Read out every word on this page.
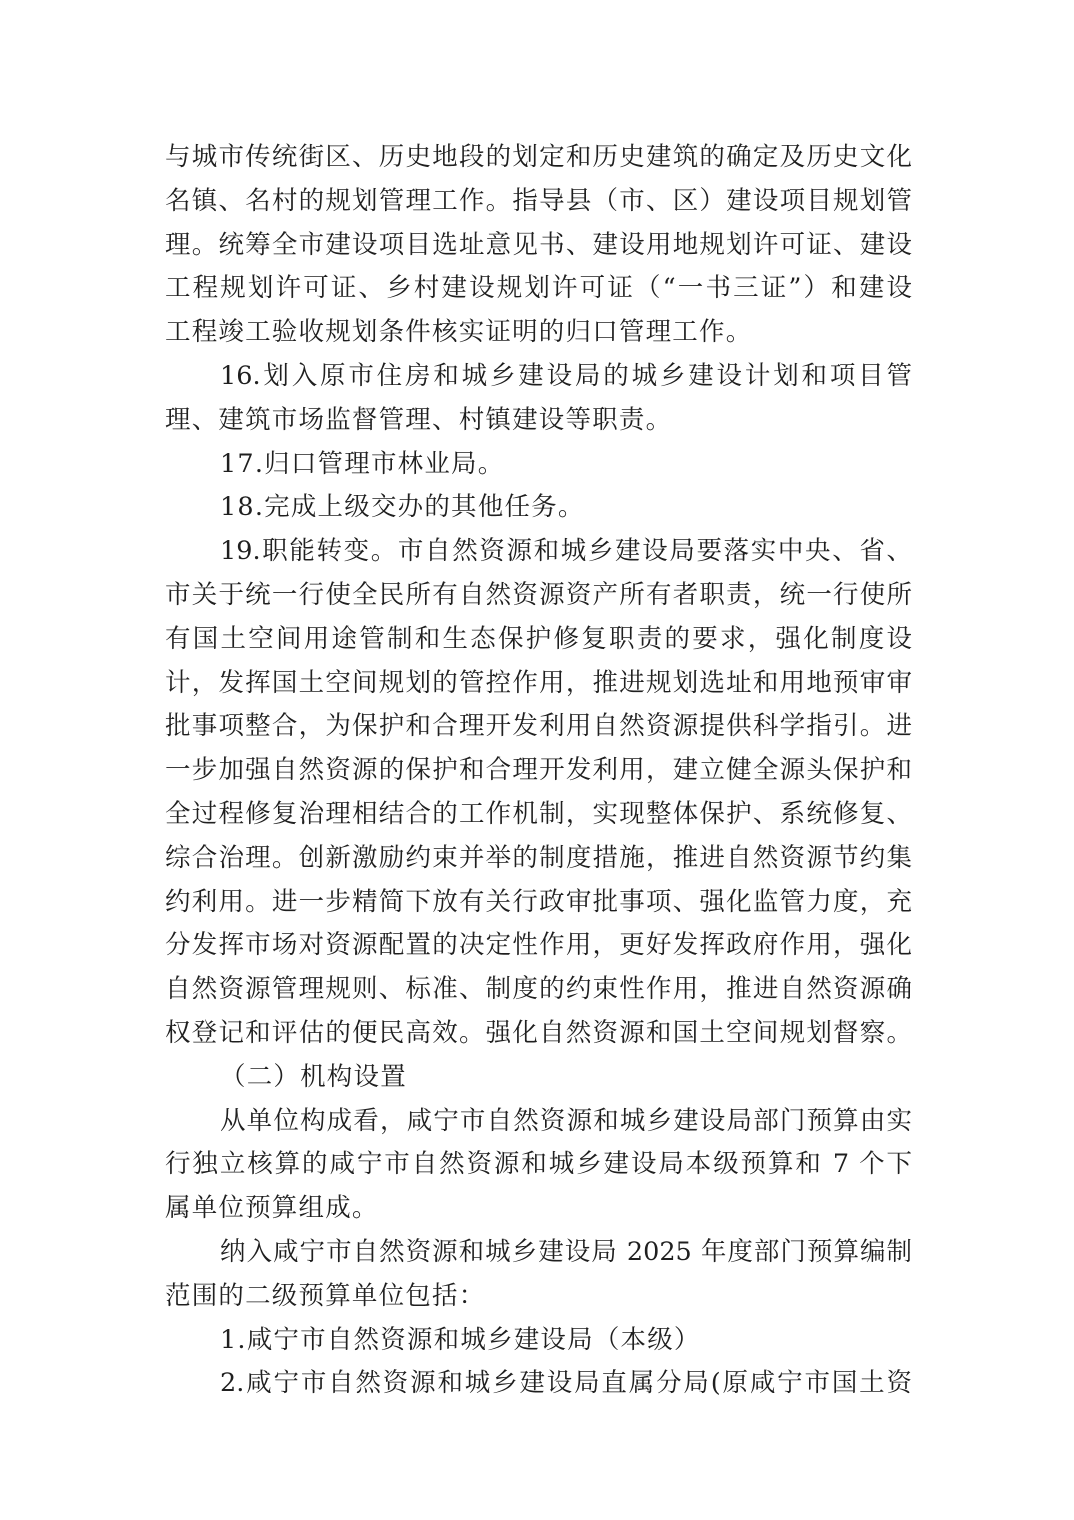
与城市传统街区、历史地段的划定和历史建筑的确定及历史文化
名镇、名村的规划管理工作。指导县（市、区）建设项目规划管
理。统筹全市建设项目选址意见书、建设用地规划许可证、建设
工程规划许可证、乡村建设规划许可证（“一书三证”）和建设
工程竣工验收规划条件核实证明的归口管理工作。
16.划入原市住房和城乡建设局的城乡建设计划和项目管
理、建筑市场监督管理、村镇建设等职责。
17.归口管理市林业局。
18.完成上级交办的其他任务。
19.职能转变。市自然资源和城乡建设局要落实中央、省、
市关于统一行使全民所有自然资源资产所有者职责，统一行使所
有国土空间用途管制和生态保护修复职责的要求，强化制度设
计，发挥国土空间规划的管控作用，推进规划选址和用地预审审
批事项整合，为保护和合理开发利用自然资源提供科学指引。进
一步加强自然资源的保护和合理开发利用，建立健全源头保护和
全过程修复治理相结合的工作机制，实现整体保护、系统修复、
综合治理。创新激励约束并举的制度措施，推进自然资源节约集
约利用。进一步精简下放有关行政审批事项、强化监管力度，充
分发挥市场对资源配置的决定性作用，更好发挥政府作用，强化
自然资源管理规则、标准、制度的约束性作用，推进自然资源确
权登记和评估的便民高效。强化自然资源和国土空间规划督察。
（二）机构设置
从单位构成看，咸宁市自然资源和城乡建设局部门预算由实
行独立核算的咸宁市自然资源和城乡建设局本级预算和 7 个下
属单位预算组成。
纳入咸宁市自然资源和城乡建设局 2025 年度部门预算编制
范围的二级预算单位包括：
1.咸宁市自然资源和城乡建设局（本级）
2.咸宁市自然资源和城乡建设局直属分局(原咸宁市国土资
